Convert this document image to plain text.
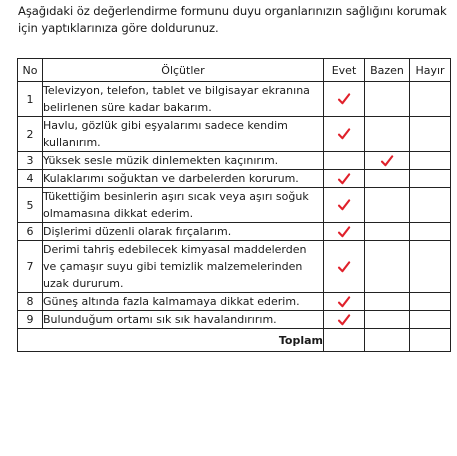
Aşağıdaki öz değerlendirme formunu duyu organlarınızın sağlığını korumak için yaptıklarınıza göre doldurunuz.
No	Ölçütler	Evet	Bazen	Hayır
1	Televizyon, telefon, tablet ve bilgisayar ekranına belirlenen süre kadar bakarım.	

2	Havlu, gözlük gibi eşyalarımı sadece kendim kullanırım.	

3	Yüksek sesle müzik dinlemekten kaçınırım.		

4	Kulaklarımı soğuktan ve darbelerden korurum.	

5	Tükettiğim besinlerin aşırı sıcak veya aşırı soğuk olmamasına dikkat ederim.	

6	Dişlerimi düzenli olarak fırçalarım.	

7	Derimi tahriş edebilecek kimyasal maddelerden ve çamaşır suyu gibi temizlik malzemelerinden uzak dururum.	

8	Güneş altında fazla kalmamaya dikkat ederim.	

9	Bulunduğum ortamı sık sık havalandırırım.	

Toplam				
